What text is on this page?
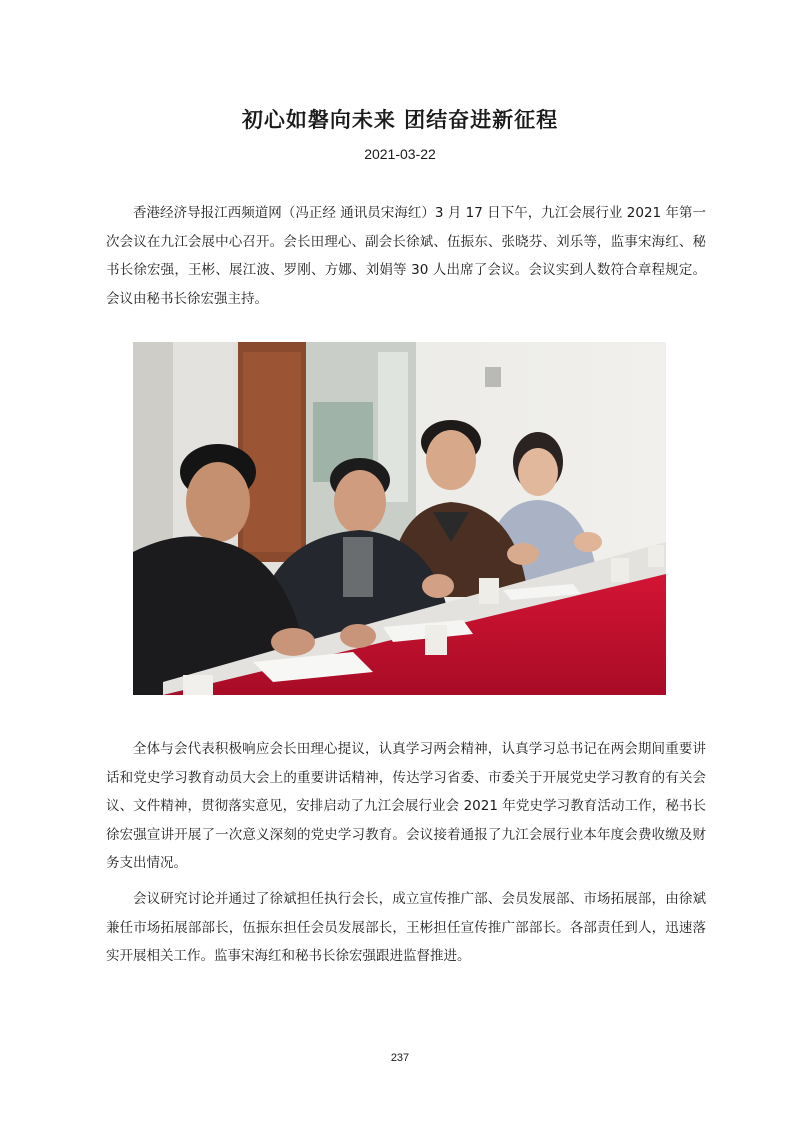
初心如磐向未来 团结奋进新征程
2021-03-22

香港经济导报江西频道网（冯正经 通讯员宋海红）3 月 17 日下午，九江会展行业 2021 年第一次会议在九江会展中心召开。会长田理心、副会长徐斌、伍振东、张晓芬、刘乐等，监事宋海红、秘书长徐宏强，王彬、展江波、罗刚、方娜、刘娟等 30 人出席了会议。会议实到人数符合章程规定。会议由秘书长徐宏强主持。

全体与会代表积极响应会长田理心提议，认真学习两会精神，认真学习总书记在两会期间重要讲话和党史学习教育动员大会上的重要讲话精神，传达学习省委、市委关于开展党史学习教育的有关会议、文件精神，贯彻落实意见，安排启动了九江会展行业会 2021 年党史学习教育活动工作，秘书长徐宏强宣讲开展了一次意义深刻的党史学习教育。会议接着通报了九江会展行业本年度会费收缴及财务支出情况。

会议研究讨论并通过了徐斌担任执行会长，成立宣传推广部、会员发展部、市场拓展部，由徐斌兼任市场拓展部部长，伍振东担任会员发展部长，王彬担任宣传推广部部长。各部责任到人，迅速落实开展相关工作。监事宋海红和秘书长徐宏强跟进监督推进。

237
